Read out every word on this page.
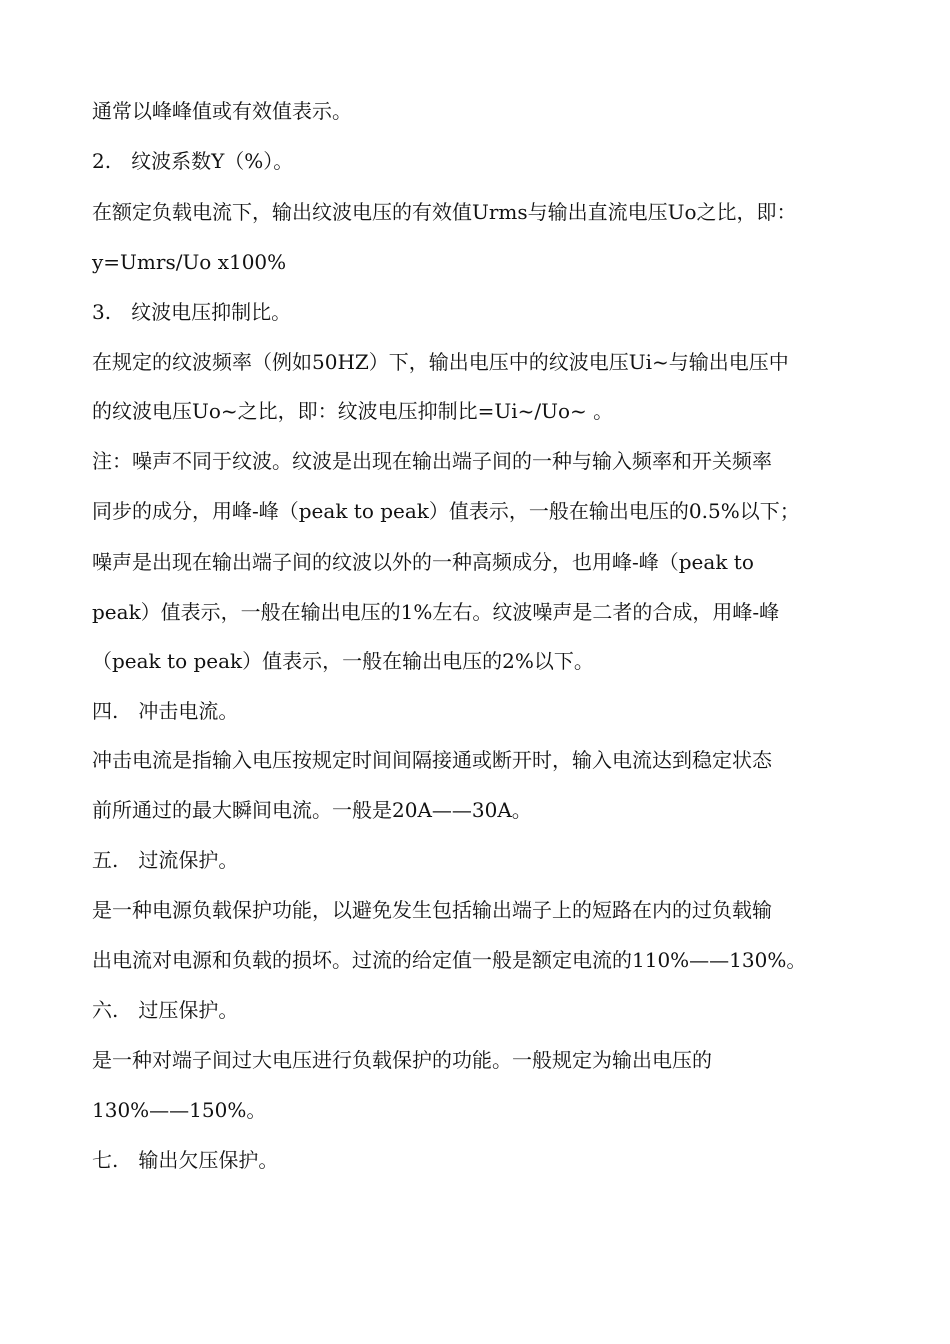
通常以峰峰值或有效值表示。
2.　纹波系数Y（%）。
在额定负载电流下，输出纹波电压的有效值Urms与输出直流电压Uo之比，即：
y=Umrs/Uo x100%
3.　纹波电压抑制比。
在规定的纹波频率（例如50HZ）下，输出电压中的纹波电压Ui~与输出电压中
的纹波电压Uo~之比，即：纹波电压抑制比=Ui~/Uo~ 。
注：噪声不同于纹波。纹波是出现在输出端子间的一种与输入频率和开关频率
同步的成分，用峰-峰（peak to peak）值表示，一般在输出电压的0.5%以下；
噪声是出现在输出端子间的纹波以外的一种高频成分，也用峰-峰（peak to
peak）值表示，一般在输出电压的1%左右。纹波噪声是二者的合成，用峰-峰
（peak to peak）值表示，一般在输出电压的2%以下。
四.　冲击电流。
冲击电流是指输入电压按规定时间间隔接通或断开时，输入电流达到稳定状态
前所通过的最大瞬间电流。一般是20A——30A。
五.　过流保护。
是一种电源负载保护功能，以避免发生包括输出端子上的短路在内的过负载输
出电流对电源和负载的损坏。过流的给定值一般是额定电流的110%——130%。
六.　过压保护。
是一种对端子间过大电压进行负载保护的功能。一般规定为输出电压的
130%——150%。
七.　输出欠压保护。
